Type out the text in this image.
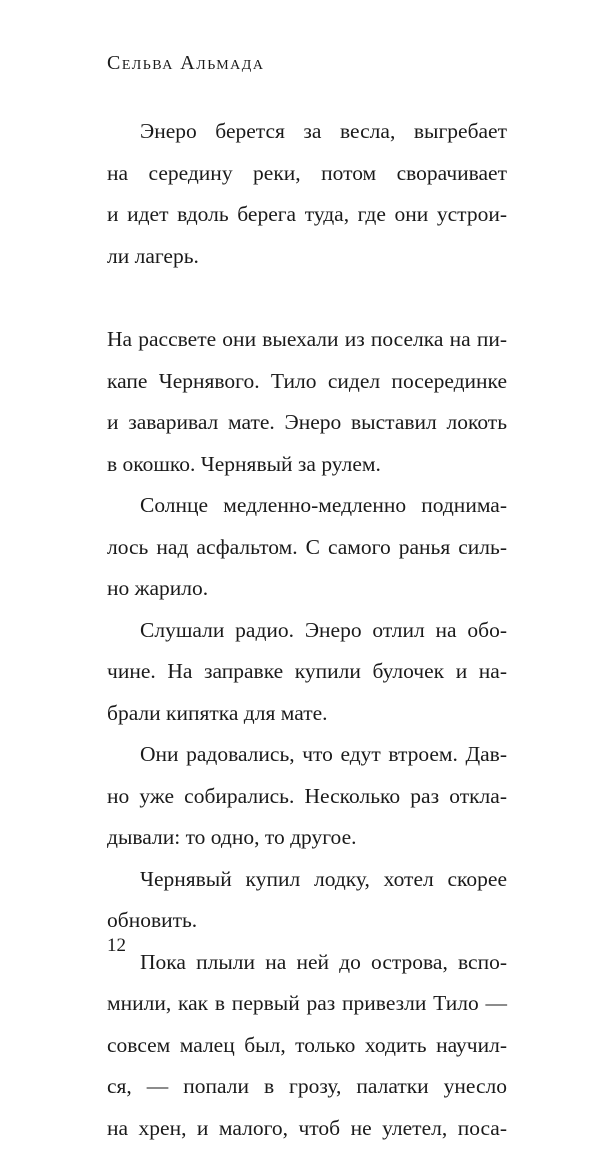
Сельва Альмада
Энеро берется за весла, выгребает
на середину реки, потом сворачивает
и идет вдоль берега туда, где они устрои-
ли лагерь.
На рассвете они выехали из поселка на пи-
капе Чернявого. Тило сидел посерединке
и заваривал мате. Энеро выставил локоть
в окошко. Чернявый за рулем.
Солнце медленно-медленно поднима-
лось над асфальтом. С самого ранья силь-
но жарило.
Слушали радио. Энеро отлил на обо-
чине. На заправке купили булочек и на-
брали кипятка для мате.
Они радовались, что едут втроем. Дав-
но уже собирались. Несколько раз откла-
дывали: то одно, то другое.
Чернявый купил лодку, хотел скорее
обновить.
Пока плыли на ней до острова, вспо-
мнили, как в первый раз привезли Тило —
совсем малец был, только ходить научил-
ся, — попали в грозу, палатки унесло
на хрен, и малого, чтоб не улетел, поса-
12
